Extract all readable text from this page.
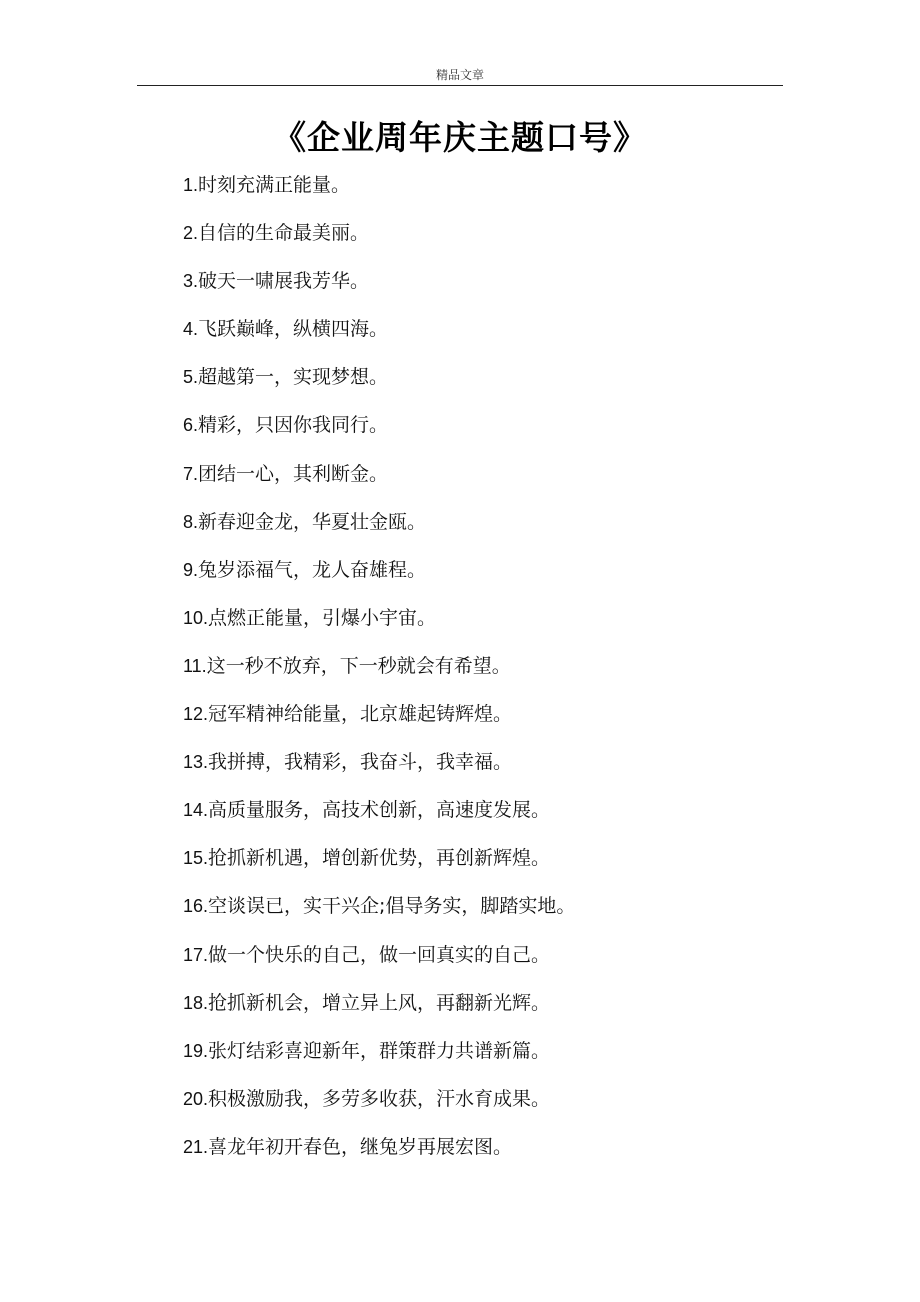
精品文章
《企业周年庆主题口号》
1.时刻充满正能量。
2.自信的生命最美丽。
3.破天一啸展我芳华。
4.飞跃巅峰，纵横四海。
5.超越第一，实现梦想。
6.精彩，只因你我同行。
7.团结一心，其利断金。
8.新春迎金龙，华夏壮金瓯。
9.兔岁添福气，龙人奋雄程。
10.点燃正能量，引爆小宇宙。
11.这一秒不放弃，下一秒就会有希望。
12.冠军精神给能量，北京雄起铸辉煌。
13.我拼搏，我精彩，我奋斗，我幸福。
14.高质量服务，高技术创新，高速度发展。
15.抢抓新机遇，增创新优势，再创新辉煌。
16.空谈误已，实干兴企;倡导务实，脚踏实地。
17.做一个快乐的自己，做一回真实的自己。
18.抢抓新机会，增立异上风，再翻新光辉。
19.张灯结彩喜迎新年，群策群力共谱新篇。
20.积极激励我，多劳多收获，汗水育成果。
21.喜龙年初开春色，继兔岁再展宏图。
